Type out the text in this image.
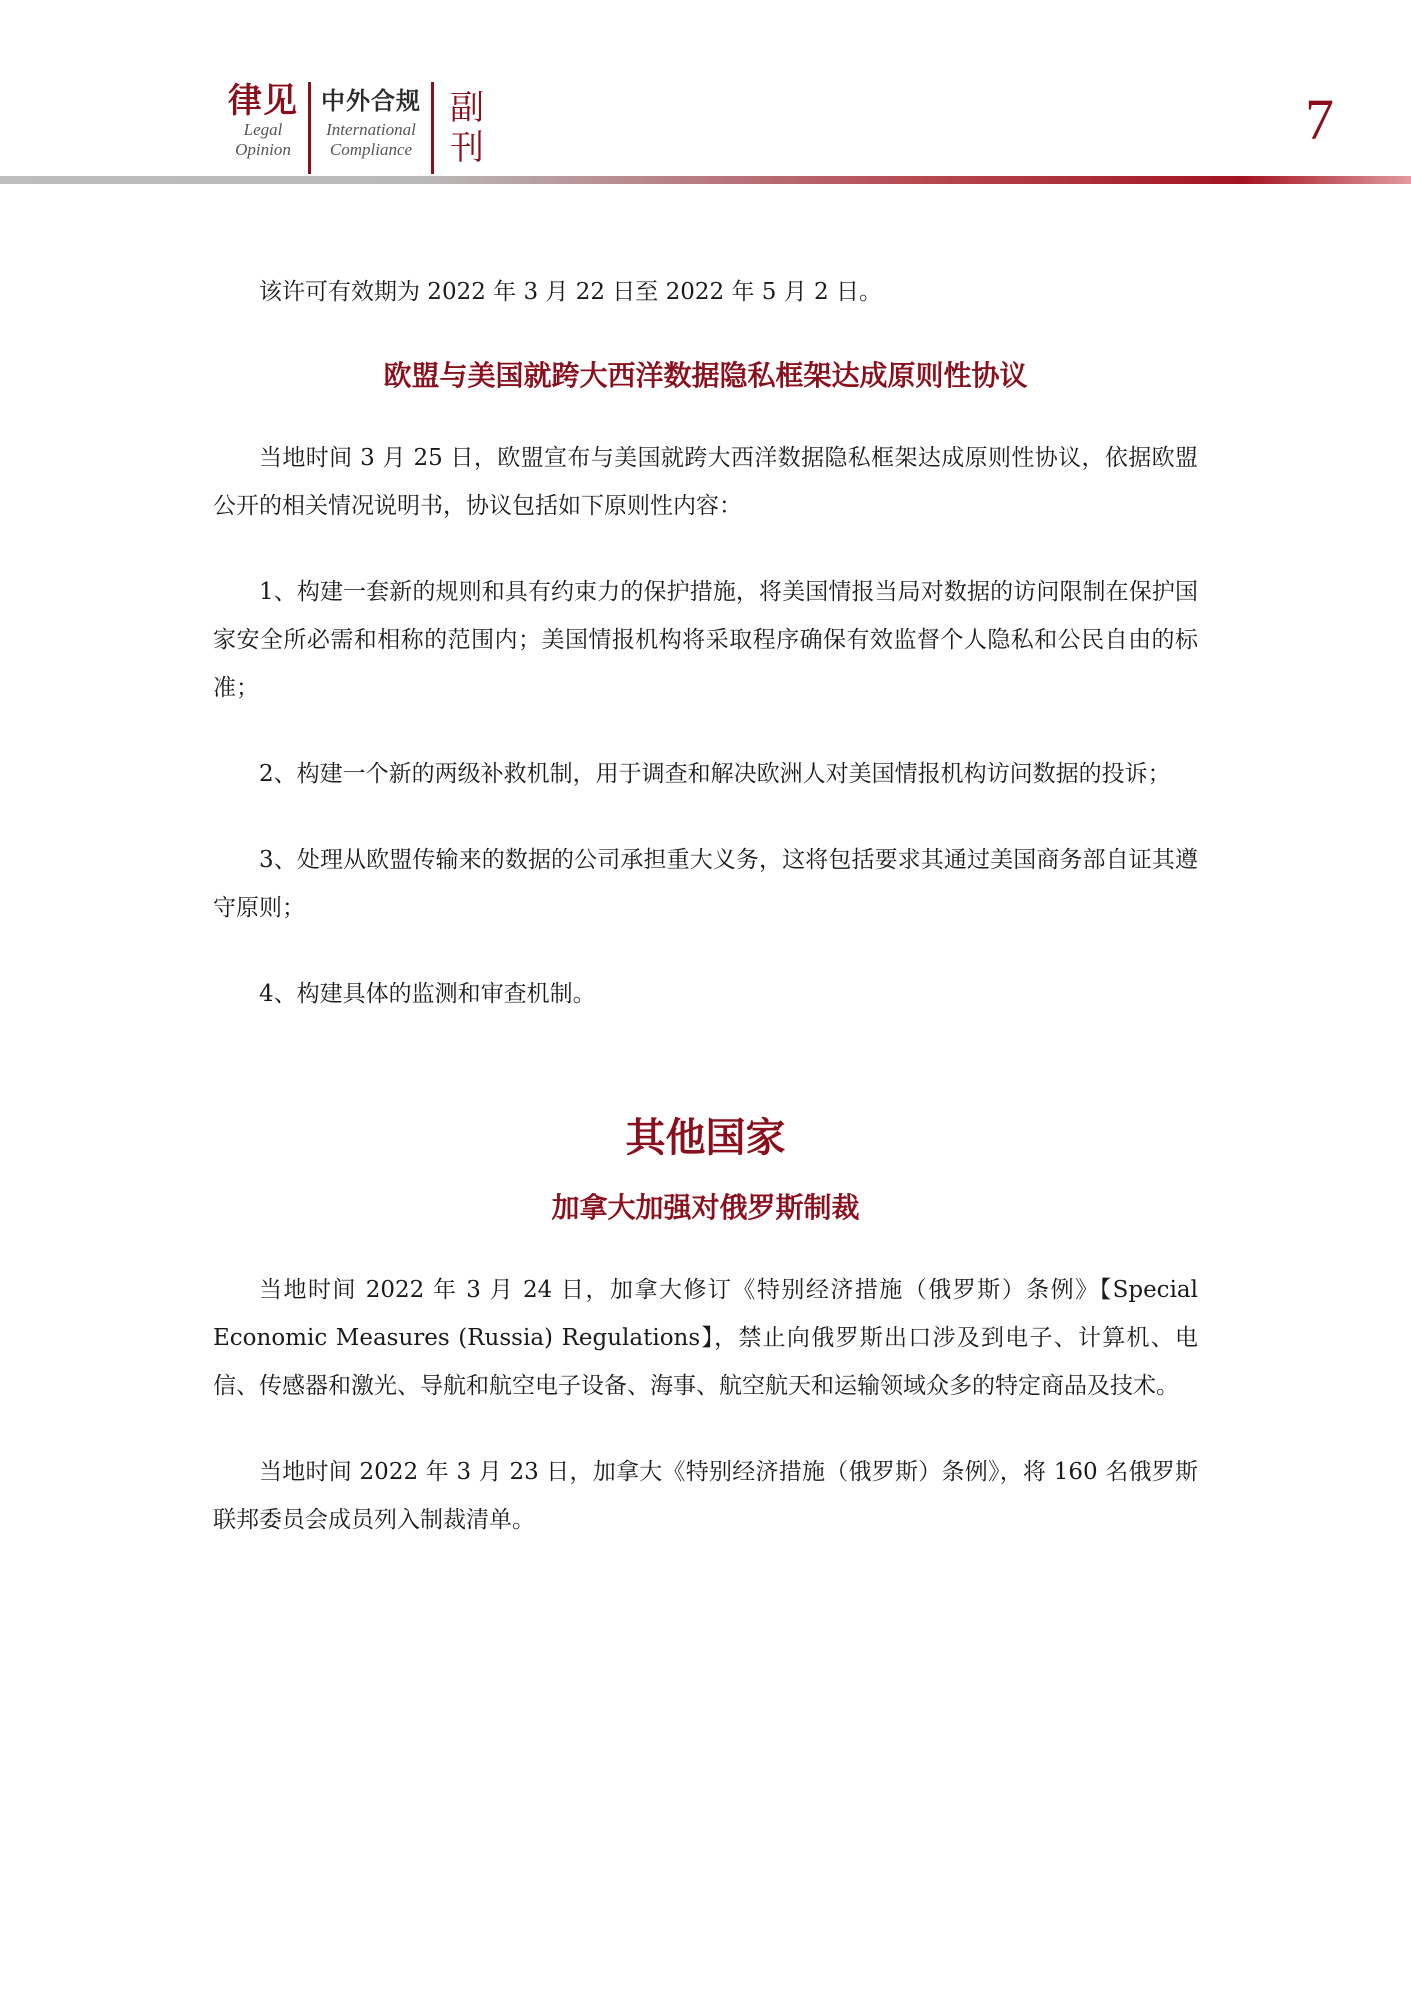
律见
Legal
Opinion
中外合规
International
Compliance
副
刊	7

该许可有效期为 2022 年 3 月 22 日至 2022 年 5 月 2 日。

欧盟与美国就跨大西洋数据隐私框架达成原则性协议

当地时间 3 月 25 日，欧盟宣布与美国就跨大西洋数据隐私框架达成原则性协议，依据欧盟公开的相关情况说明书，协议包括如下原则性内容：

1、构建一套新的规则和具有约束力的保护措施，将美国情报当局对数据的访问限制在保护国家安全所必需和相称的范围内；美国情报机构将采取程序确保有效监督个人隐私和公民自由的标准；

2、构建一个新的两级补救机制，用于调查和解决欧洲人对美国情报机构访问数据的投诉；

3、处理从欧盟传输来的数据的公司承担重大义务，这将包括要求其通过美国商务部自证其遵守原则；

4、构建具体的监测和审查机制。

其他国家
加拿大加强对俄罗斯制裁

当地时间 2022 年 3 月 24 日，加拿大修订《特别经济措施（俄罗斯）条例》【Special Economic Measures (Russia) Regulations】，禁止向俄罗斯出口涉及到电子、计算机、电信、传感器和激光、导航和航空电子设备、海事、航空航天和运输领域众多的特定商品及技术。

当地时间 2022 年 3 月 23 日，加拿大《特别经济措施（俄罗斯）条例》，将 160 名俄罗斯联邦委员会成员列入制裁清单。
